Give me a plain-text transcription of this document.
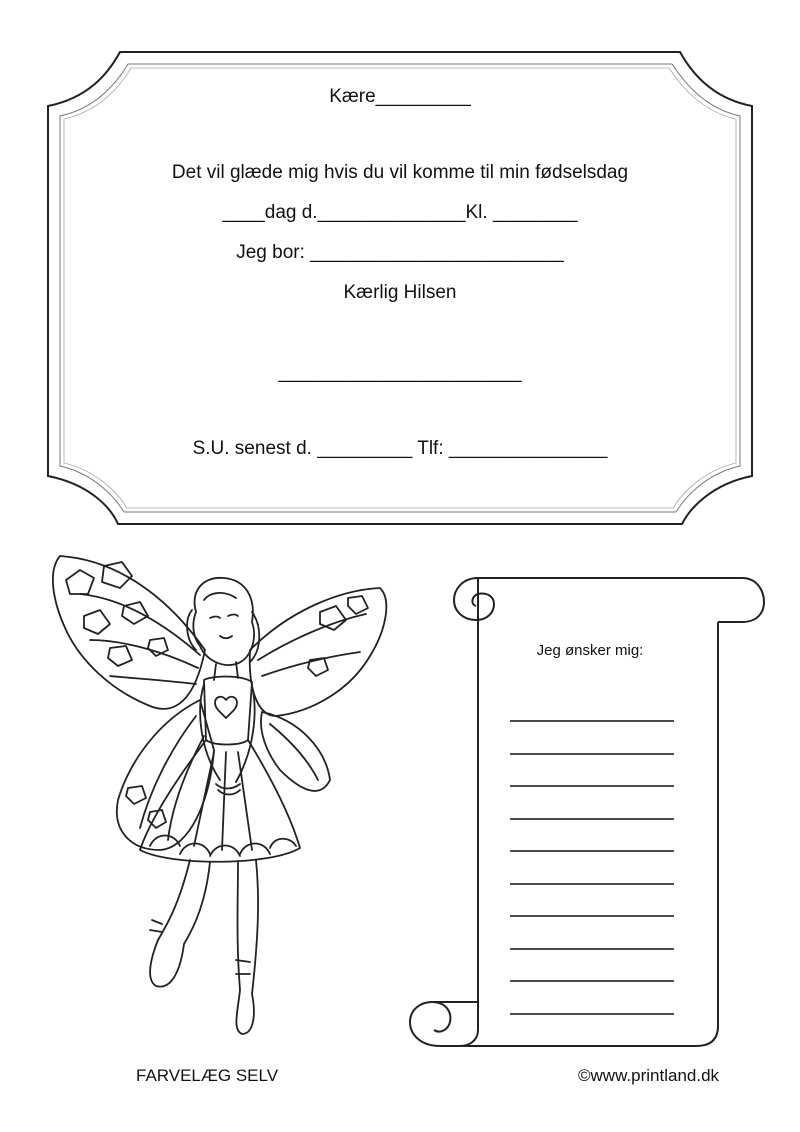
Kære_________
Det vil glæde mig hvis du vil komme til min fødselsdag
____dag d.______________Kl. ________
Jeg bor: ________________________
Kærlig Hilsen
_______________________
S.U. senest d. _________ Tlf: _______________
Jeg ønsker mig:
FARVELÆG SELV	©www.printland.dk
